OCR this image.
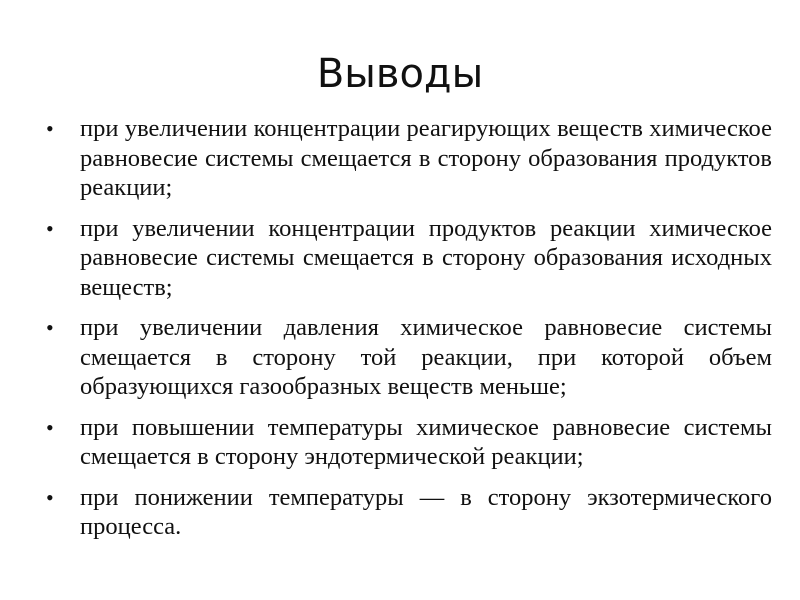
Выводы
•	при увеличении концентрации реагирующих веществ химическое равновесие системы смещается в сторону образования продуктов реакции;
•	при увеличении концентрации продуктов реакции химическое равновесие системы смещается в сторону образования исходных веществ;
•	при увеличении давления химическое равновесие системы смещается в сторону той реакции, при которой объем образующихся газообразных веществ меньше;
•	при повышении температуры химическое равновесие системы смещается в сторону эндотермической реакции;
•	при понижении температуры — в сторону экзотермического процесса.
